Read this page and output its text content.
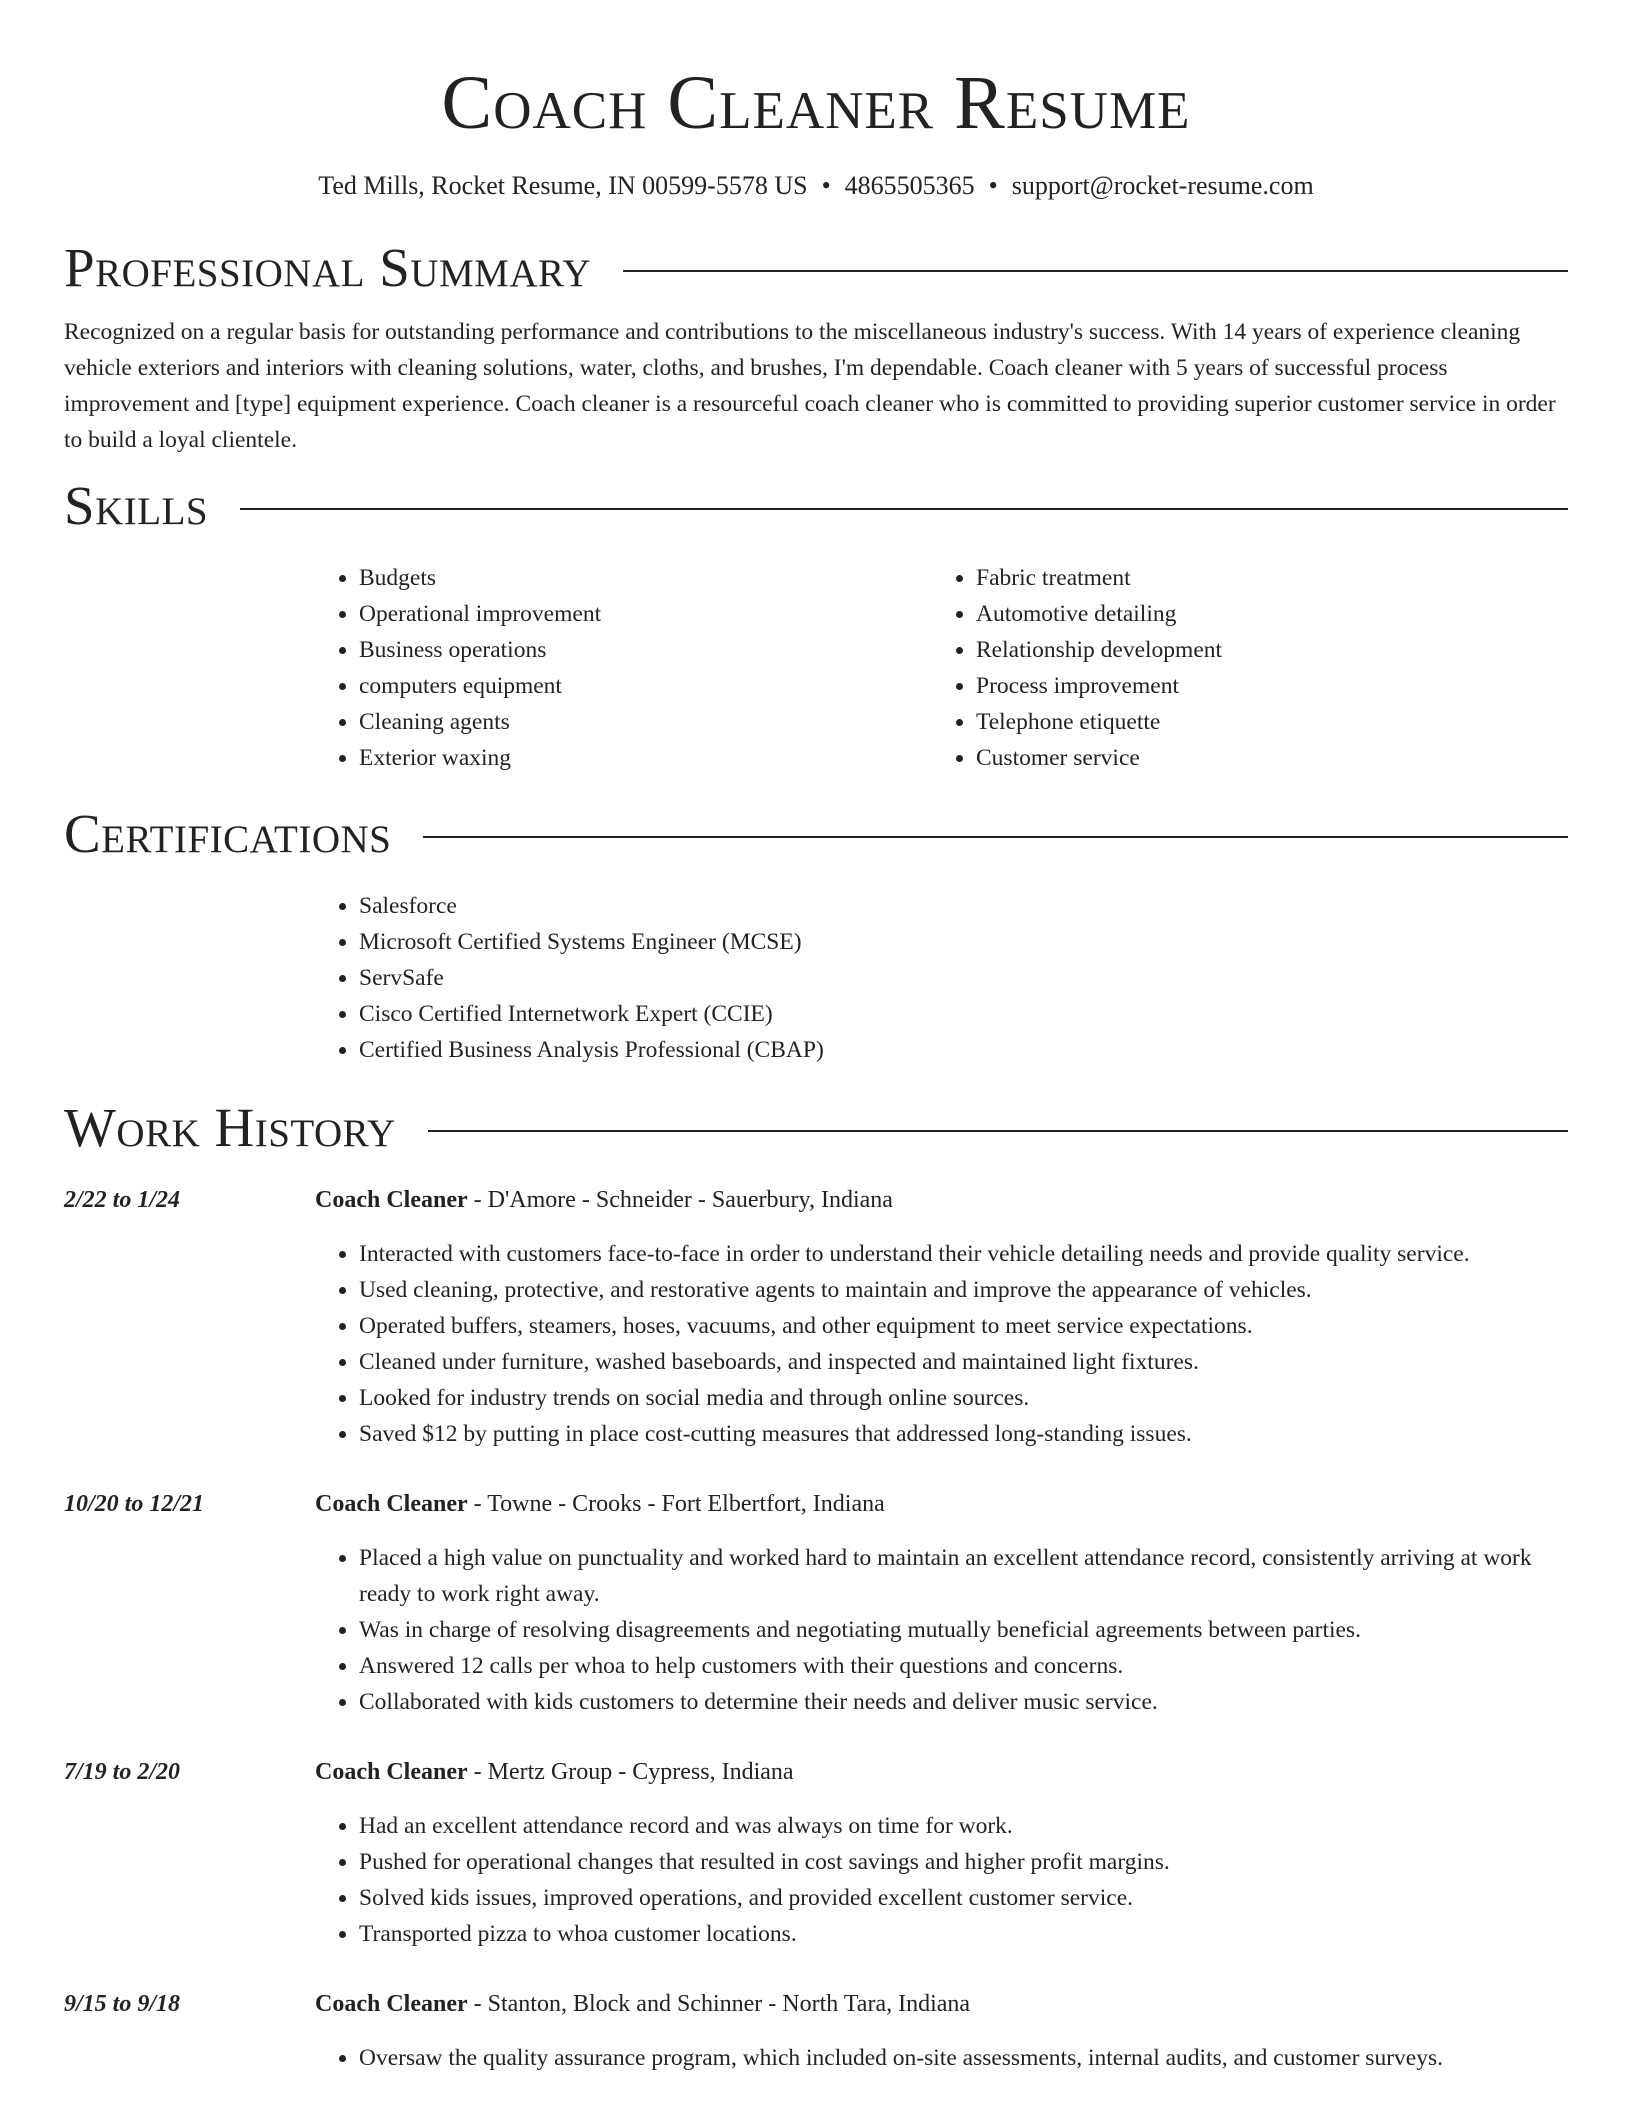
Coach Cleaner Resume
Ted Mills, Rocket Resume, IN 00599-5578 US • 4865505365 • support@rocket-resume.com
Professional Summary

Recognized on a regular basis for outstanding performance and contributions to the miscellaneous industry's success. With 14 years of experience cleaning vehicle exteriors and interiors with cleaning solutions, water, cloths, and brushes, I'm dependable. Coach cleaner with 5 years of successful process improvement and [type] equipment experience. Coach cleaner is a resourceful coach cleaner who is committed to providing superior customer service in order to build a loyal clientele.

Skills
• Budgets
• Operational improvement
• Business operations
• computers equipment
• Cleaning agents
• Exterior waxing
• Fabric treatment
• Automotive detailing
• Relationship development
• Process improvement
• Telephone etiquette
• Customer service
Certifications
• Salesforce
• Microsoft Certified Systems Engineer (MCSE)
• ServSafe
• Cisco Certified Internetwork Expert (CCIE)
• Certified Business Analysis Professional (CBAP)
Work History
2/22 to 1/24	Coach Cleaner - D'Amore - Schneider - Sauerbury, Indiana
• Interacted with customers face-to-face in order to understand their vehicle detailing needs and provide quality service.
• Used cleaning, protective, and restorative agents to maintain and improve the appearance of vehicles.
• Operated buffers, steamers, hoses, vacuums, and other equipment to meet service expectations.
• Cleaned under furniture, washed baseboards, and inspected and maintained light fixtures.
• Looked for industry trends on social media and through online sources.
• Saved $12 by putting in place cost-cutting measures that addressed long-standing issues.
10/20 to 12/21	Coach Cleaner - Towne - Crooks - Fort Elbertfort, Indiana
• Placed a high value on punctuality and worked hard to maintain an excellent attendance record, consistently arriving at work ready to work right away.
• Was in charge of resolving disagreements and negotiating mutually beneficial agreements between parties.
• Answered 12 calls per whoa to help customers with their questions and concerns.
• Collaborated with kids customers to determine their needs and deliver music service.
7/19 to 2/20	Coach Cleaner - Mertz Group - Cypress, Indiana
• Had an excellent attendance record and was always on time for work.
• Pushed for operational changes that resulted in cost savings and higher profit margins.
• Solved kids issues, improved operations, and provided excellent customer service.
• Transported pizza to whoa customer locations.
9/15 to 9/18	Coach Cleaner - Stanton, Block and Schinner - North Tara, Indiana
• Oversaw the quality assurance program, which included on-site assessments, internal audits, and customer surveys.
